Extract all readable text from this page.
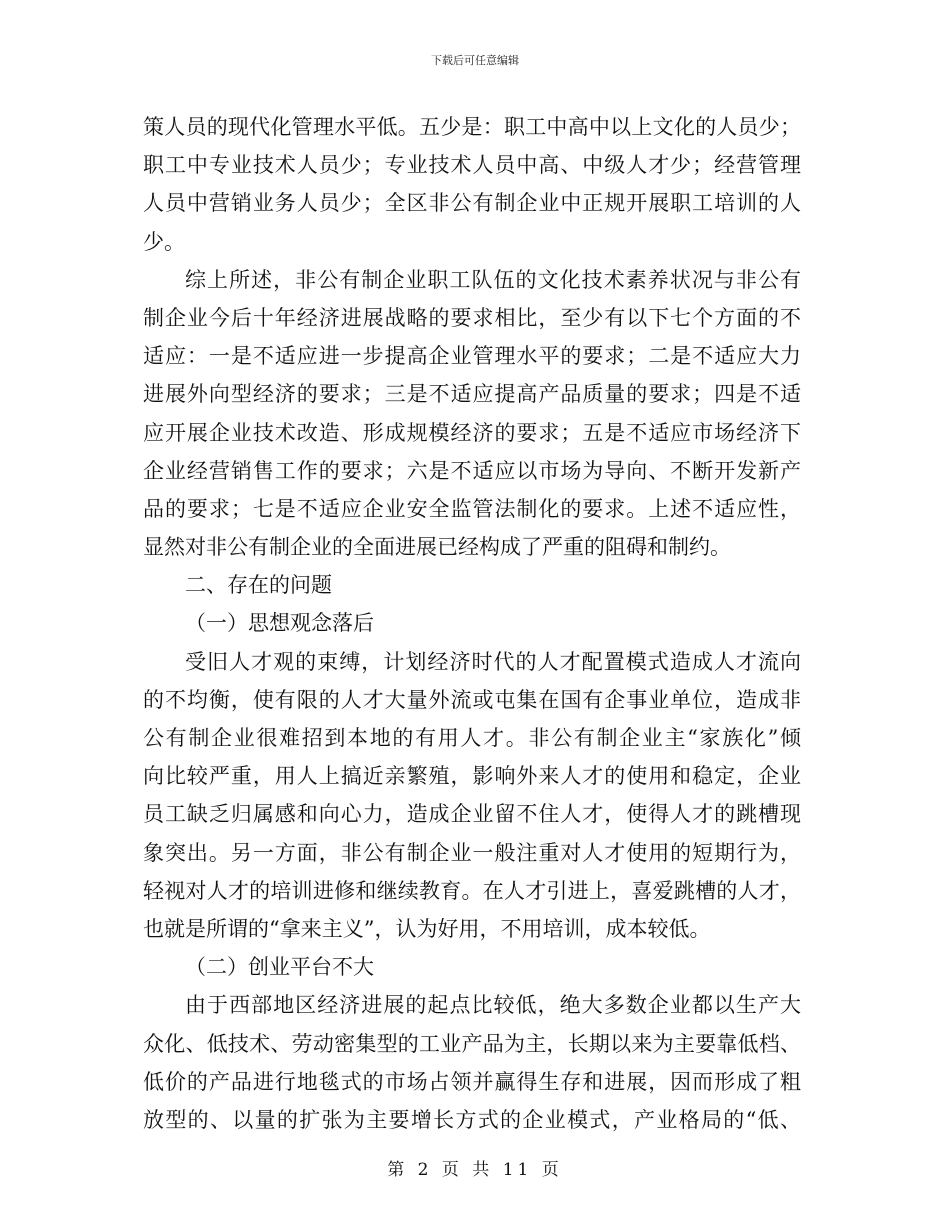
下载后可任意编辑
策人员的现代化管理水平低。五少是：职工中高中以上文化的人员少；
职工中专业技术人员少；专业技术人员中高、中级人才少；经营管理
人员中营销业务人员少；全区非公有制企业中正规开展职工培训的人
少。
综上所述，非公有制企业职工队伍的文化技术素养状况与非公有
制企业今后十年经济进展战略的要求相比，至少有以下七个方面的不
适应：一是不适应进一步提高企业管理水平的要求；二是不适应大力
进展外向型经济的要求；三是不适应提高产品质量的要求；四是不适
应开展企业技术改造、形成规模经济的要求；五是不适应市场经济下
企业经营销售工作的要求；六是不适应以市场为导向、不断开发新产
品的要求；七是不适应企业安全监管法制化的要求。上述不适应性，
显然对非公有制企业的全面进展已经构成了严重的阻碍和制约。
二、存在的问题
（一）思想观念落后
受旧人才观的束缚，计划经济时代的人才配置模式造成人才流向
的不均衡，使有限的人才大量外流或屯集在国有企事业单位，造成非
公有制企业很难招到本地的有用人才。非公有制企业主“家族化”倾
向比较严重，用人上搞近亲繁殖，影响外来人才的使用和稳定，企业
员工缺乏归属感和向心力，造成企业留不住人才，使得人才的跳槽现
象突出。另一方面，非公有制企业一般注重对人才使用的短期行为，
轻视对人才的培训进修和继续教育。在人才引进上，喜爱跳槽的人才，
也就是所谓的“拿来主义”，认为好用，不用培训，成本较低。
（二）创业平台不大
由于西部地区经济进展的起点比较低，绝大多数企业都以生产大
众化、低技术、劳动密集型的工业产品为主，长期以来为主要靠低档、
低价的产品进行地毯式的市场占领并赢得生存和进展，因而形成了粗
放型的、以量的扩张为主要增长方式的企业模式，产业格局的“低、
第 2 页 共 11 页
